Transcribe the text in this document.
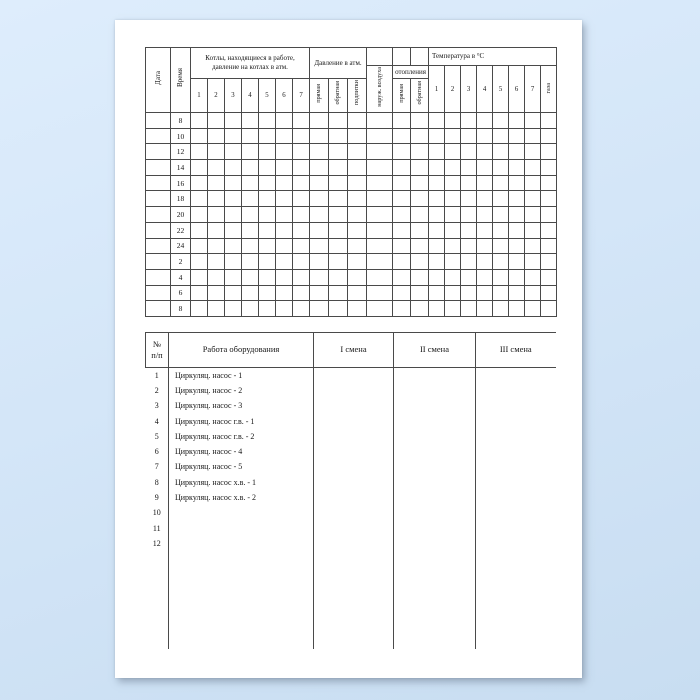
Дата	Время	Котлы, находящиеся в работе, давление на котлах в атм.							Давление в атм.						Температура в °С							
												наруж. воздуха	отопления		1	2	3	4	5	6	7	газа
		1	2	3	4	5	6	7	прямая	обратная	подпитки		прямая	обратная								
	8																					
	10																					
	12																					
	14																					
	16																					
	18																					
	20																					
	22																					
	24																					
	2																					
	4																					
	6																					
	8																					
№
п/п	Работа оборудования	I смена	II смена	III смена
1	Циркуляц. насос - 1			
2	Циркуляц. насос - 2			
3	Циркуляц. насос - 3			
4	Циркуляц. насос г.в. - 1			
5	Циркуляц. насос г.в. - 2			
6	Циркуляц. насос - 4			
7	Циркуляц. насос - 5			
8	Циркуляц. насос х.в. - 1			
9	Циркуляц. насос х.в. - 2			
10				
11				
12				
